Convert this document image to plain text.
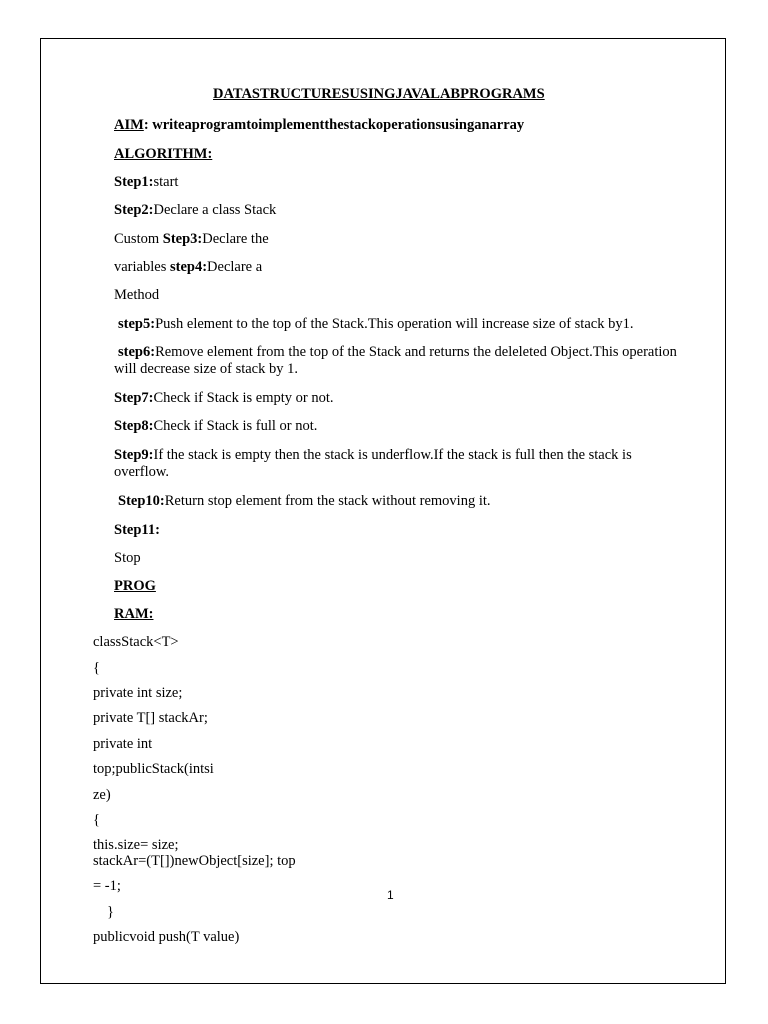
DATASTRUCTURESUSINGJAVALABPROGRAMS
AIM: writeaprogramtoimplementthestackoperationsusinganarray
ALGORITHM:
Step1:start
Step2:Declare a class Stack
Custom Step3:Declare the
variables step4:Declare a
Method
step5:Push element to the top of the Stack.This operation will increase size of stack by1.
step6:Remove element from the top of the Stack and returns the deleleted Object.This operation will decrease size of stack by 1.
Step7:Check if Stack is empty or not.
Step8:Check if Stack is full or not.
Step9:If the stack is empty then the stack is underflow.If the stack is full then the stack is overflow.
Step10:Return stop element from the stack without removing it.
Step11:
Stop
PROG
RAM:
classStack<T>
{
private int size;
private T[] stackAr;
private int
top;publicStack(intsi
ze)
{
this.size= size;
stackAr=(T[])newObject[size]; top
= -1;
}
publicvoid push(T value)
1
